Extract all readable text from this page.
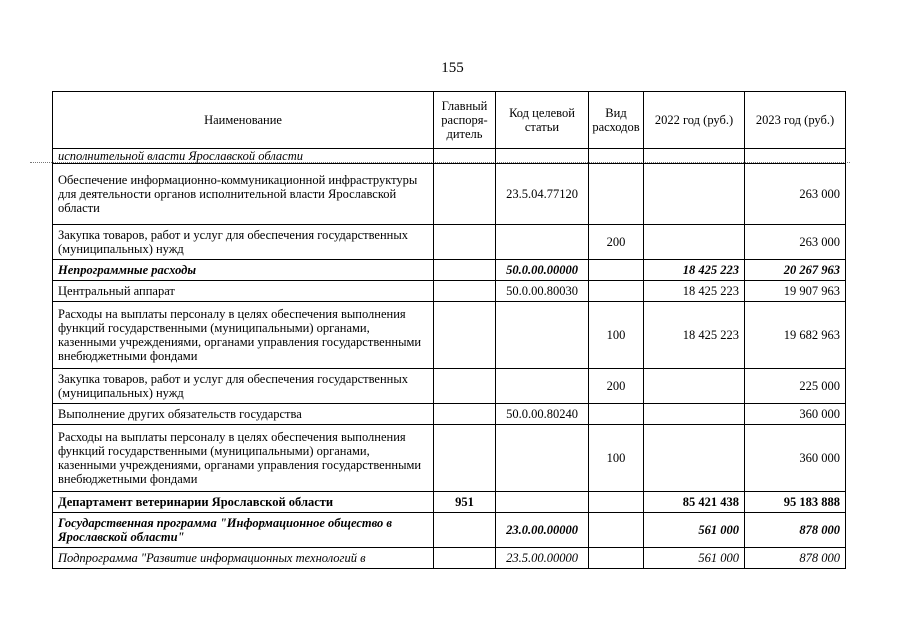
155
Наименование	Главный распоря-дитель	Код целевой статьи	Вид расходов	2022 год (руб.)	2023 год (руб.)
исполнительной власти Ярославской области					
Обеспечение информационно-коммуникационной инфраструктуры для деятельности органов исполнительной власти Ярославской области		23.5.04.77120			263 000
Закупка товаров, работ и услуг для обеспечения государственных (муниципальных) нужд			200		263 000
Непрограммные расходы		50.0.00.00000		18 425 223	20 267 963
Центральный аппарат		50.0.00.80030		18 425 223	19 907 963
Расходы на выплаты персоналу в целях обеспечения выполнения функций государственными (муниципальными) органами, казенными учреждениями, органами управления государственными внебюджетными фондами			100	18 425 223	19 682 963
Закупка товаров, работ и услуг для обеспечения государственных (муниципальных) нужд			200		225 000
Выполнение других обязательств государства		50.0.00.80240			360 000
Расходы на выплаты персоналу в целях обеспечения выполнения функций государственными (муниципальными) органами, казенными учреждениями, органами управления государственными внебюджетными фондами			100		360 000
Департамент ветеринарии Ярославской области	951			85 421 438	95 183 888
Государственная программа "Информационное общество в Ярославской области"		23.0.00.00000		561 000	878 000
Подпрограмма "Развитие информационных технологий в		23.5.00.00000		561 000	878 000
